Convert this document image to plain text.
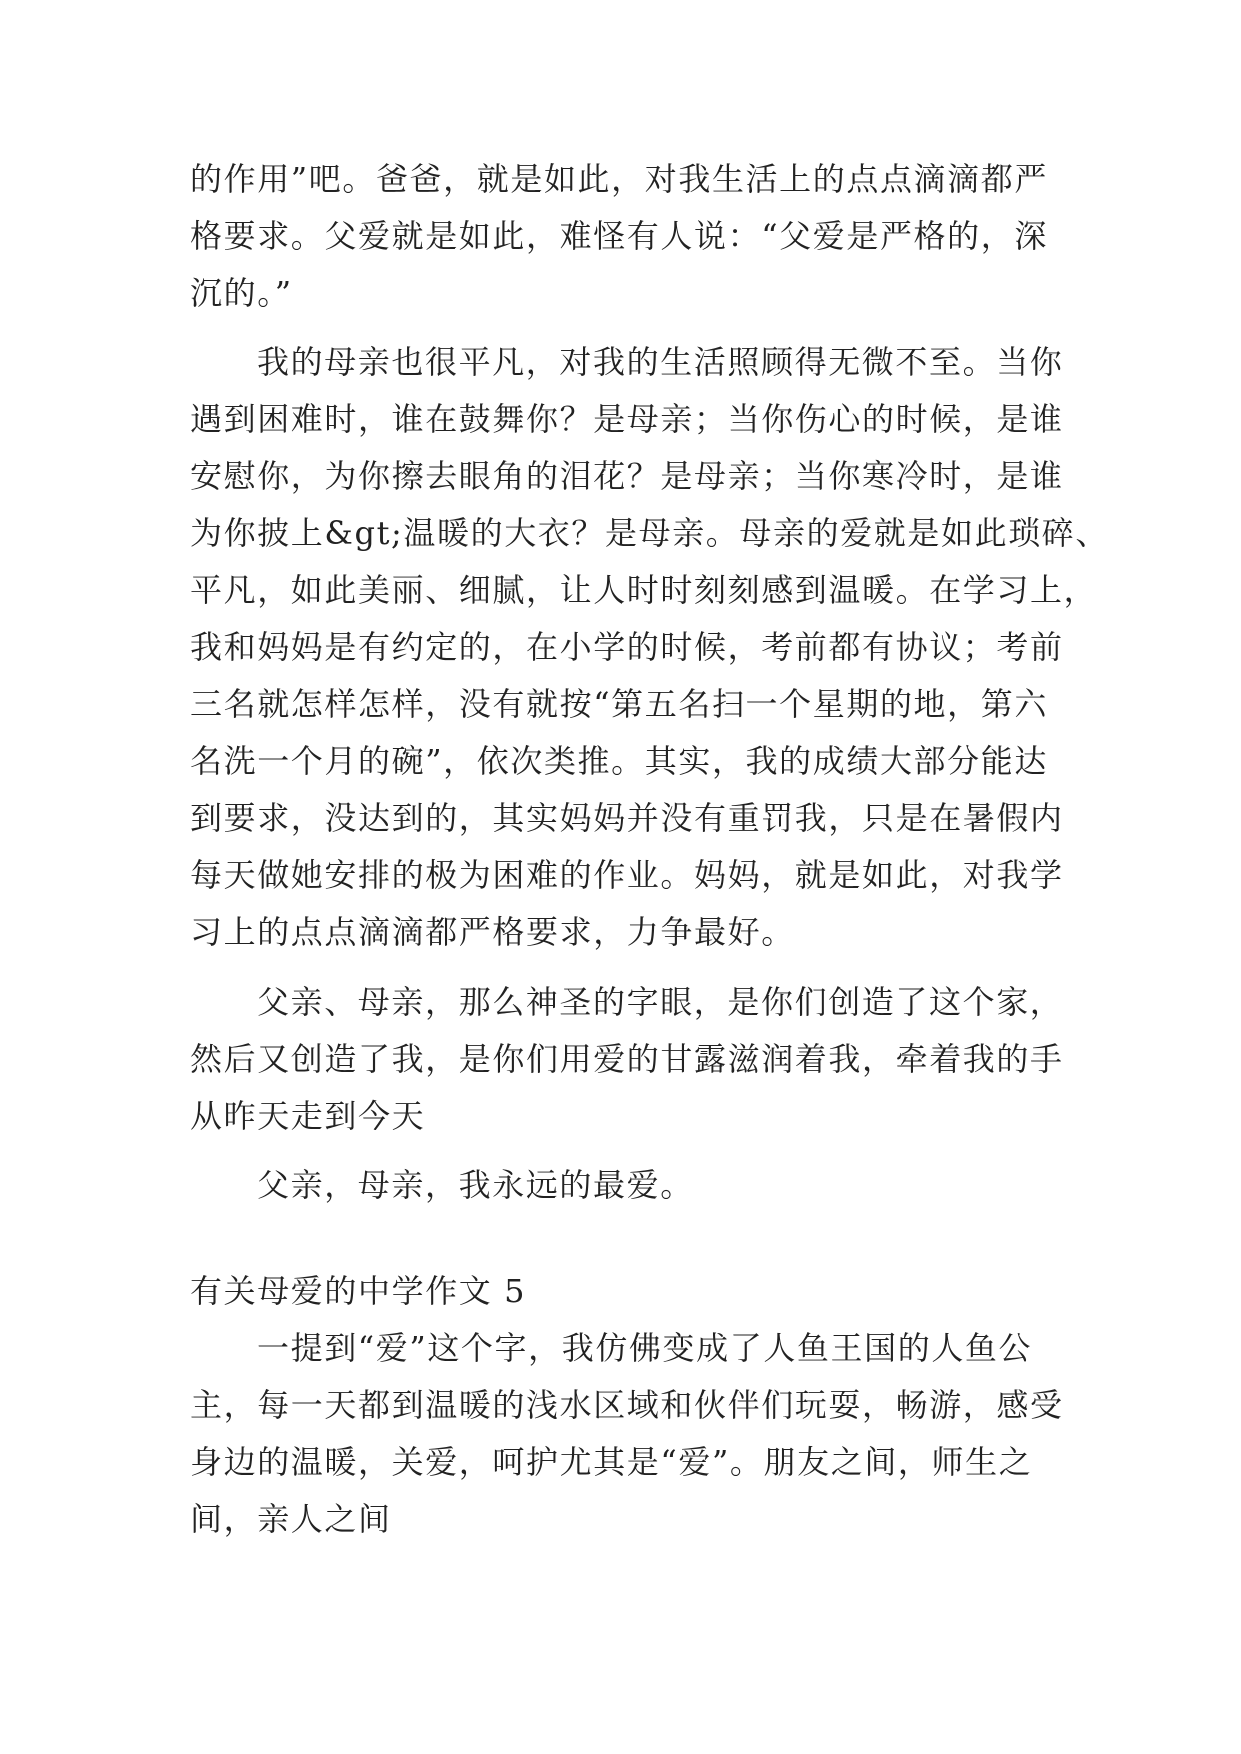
的作用”吧。爸爸，就是如此，对我生活上的点点滴滴都严
格要求。父爱就是如此，难怪有人说：“父爱是严格的，深
沉的。”
我的母亲也很平凡，对我的生活照顾得无微不至。当你
遇到困难时，谁在鼓舞你？是母亲；当你伤心的时候，是谁
安慰你，为你擦去眼角的泪花？是母亲；当你寒冷时，是谁
为你披上&gt;温暖的大衣？是母亲。母亲的爱就是如此琐碎、
平凡，如此美丽、细腻，让人时时刻刻感到温暖。在学习上，
我和妈妈是有约定的，在小学的时候，考前都有协议；考前
三名就怎样怎样，没有就按“第五名扫一个星期的地，第六
名洗一个月的碗”，依次类推。其实，我的成绩大部分能达
到要求，没达到的，其实妈妈并没有重罚我，只是在暑假内
每天做她安排的极为困难的作业。妈妈，就是如此，对我学
习上的点点滴滴都严格要求，力争最好。
父亲、母亲，那么神圣的字眼，是你们创造了这个家，
然后又创造了我，是你们用爱的甘露滋润着我，牵着我的手
从昨天走到今天
父亲，母亲，我永远的最爱。
有关母爱的中学作文 5
一提到“爱”这个字，我仿佛变成了人鱼王国的人鱼公
主，每一天都到温暖的浅水区域和伙伴们玩耍，畅游，感受
身边的温暖，关爱，呵护尤其是“爱”。朋友之间，师生之
间，亲人之间
